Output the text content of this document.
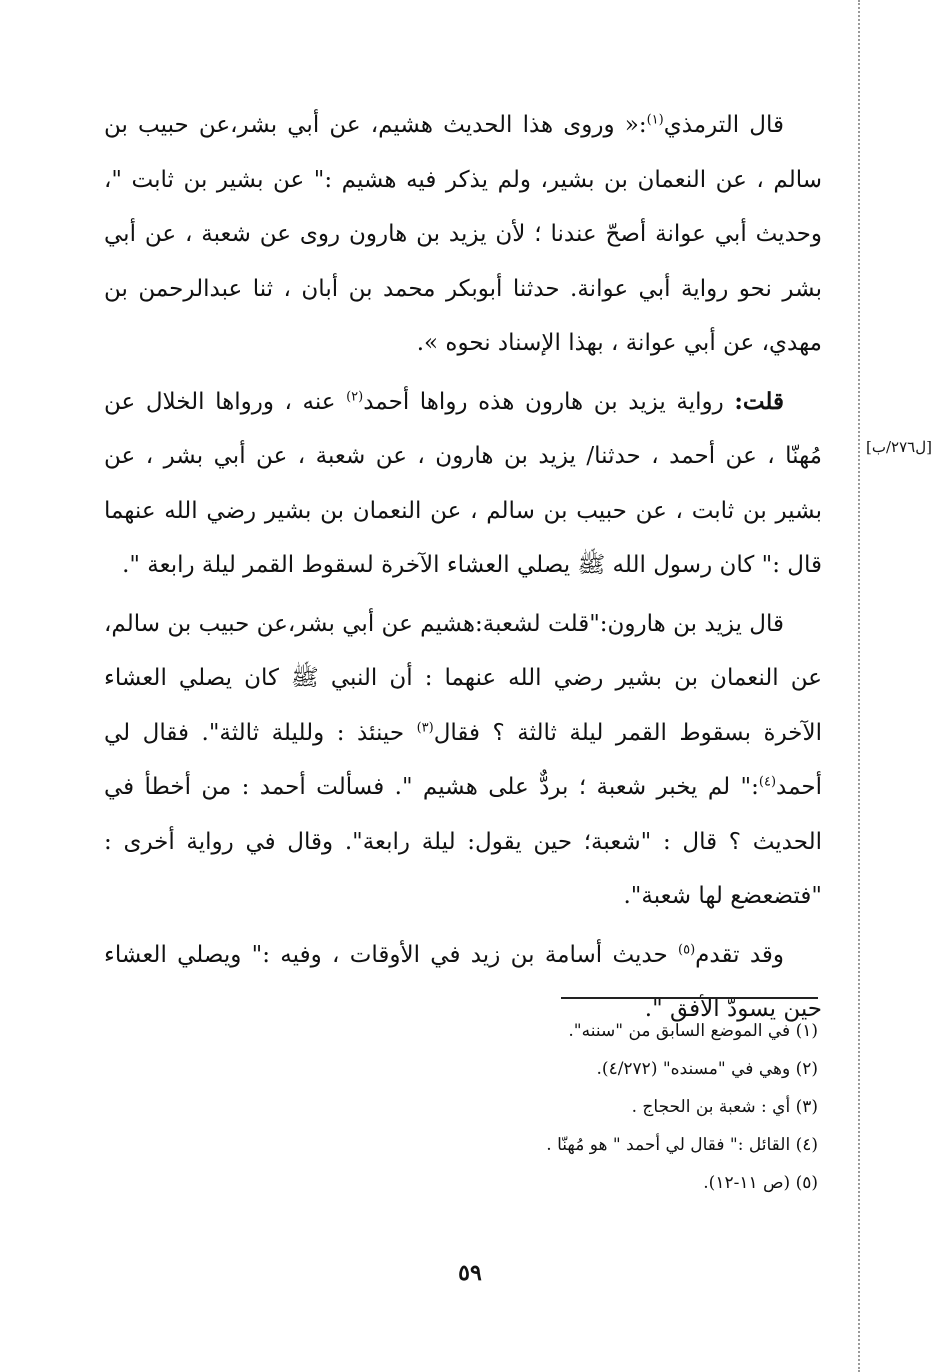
[ل٢٧٦/ب]

قال الترمذي$^{(١)}$:« وروى هذا الحديث هشيم، عن أبي بشر،عن حبيب بن سالم ، عن النعمان بن بشير، ولم يذكر فيه هشيم :" عن بشير بن ثابت "، وحديث أبي عوانة أصحّ عندنا ؛ لأن يزيد بن هارون روى عن شعبة ، عن أبي بشر نحو رواية أبي عوانة. حدثنا أبوبكر محمد بن أبان ، ثنا عبدالرحمن بن مهدي، عن أبي عوانة ، بهذا الإسناد نحوه ».

قلت: رواية يزيد بن هارون هذه رواها أحمد$^{(٢)}$ عنه ، ورواها الخلال عن مُهنّا ، عن أحمد ، حدثنا/ يزيد بن هارون ، عن شعبة ، عن أبي بشر ، عن بشير بن ثابت ، عن حبيب بن سالم ، عن النعمان بن بشير رضي الله عنهما قال :" كان رسول الله ﷺ يصلي العشاء الآخرة لسقوط القمر ليلة رابعة ".

قال يزيد بن هارون:"قلت لشعبة:هشيم عن أبي بشر،عن حبيب بن سالم، عن النعمان بن بشير رضي الله عنهما : أن النبي ﷺ كان يصلي العشاء الآخرة بسقوط القمر ليلة ثالثة ؟ فقال$^{(٣)}$ حينئذ : ولليلة ثالثة". فقال لي أحمد$^{(٤)}$:" لم يخبر شعبة ؛ بردٌّ على هشيم ". فسألت أحمد : من أخطأ في الحديث ؟ قال : "شعبة؛ حين يقول: ليلة رابعة". وقال في رواية أخرى : "فتضعضع لها شعبة".

وقد تقدم$^{(٥)}$ حديث أسامة بن زيد في الأوقات ، وفيه :" ويصلي العشاء حين يسودّ الأفق ".

(١) في الموضع السابق من "سننه".

(٢) وهي في "مسنده" (٤/٢٧٢).

(٣) أي : شعبة بن الحجاج .

(٤) القائل :" فقال لي أحمد " هو مُهنّا .

(٥) (ص ١١-١٢).

٥٩
